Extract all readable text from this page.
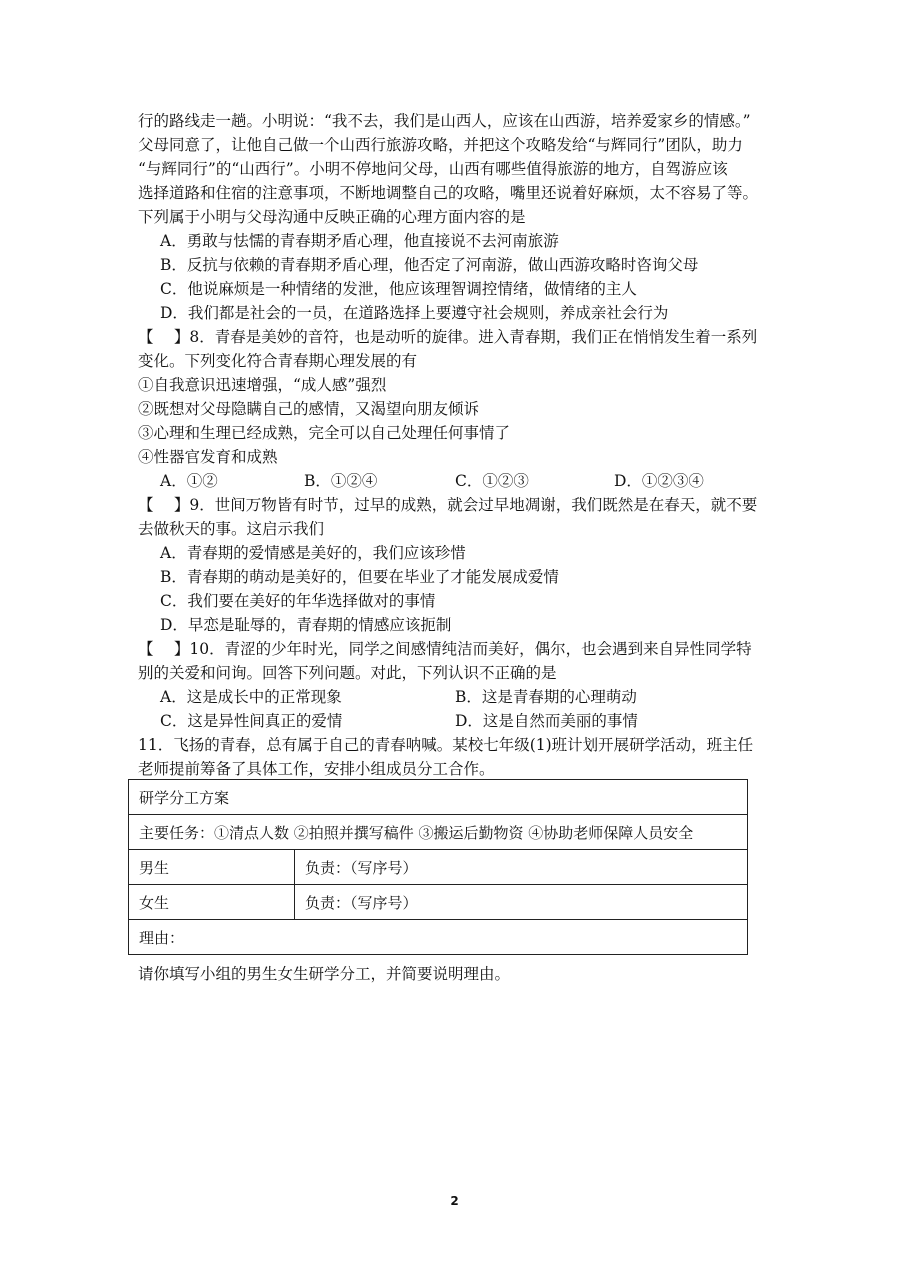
行的路线走一趟。小明说：“我不去，我们是山西人，应该在山西游，培养爱家乡的情感。”
父母同意了，让他自己做一个山西行旅游攻略，并把这个攻略发给“与辉同行”团队，助力
“与辉同行”的“山西行”。小明不停地问父母，山西有哪些值得旅游的地方，自驾游应该
选择道路和住宿的注意事项，不断地调整自己的攻略，嘴里还说着好麻烦，太不容易了等。
下列属于小明与父母沟通中反映正确的心理方面内容的是
A．勇敢与怯懦的青春期矛盾心理，他直接说不去河南旅游
B．反抗与依赖的青春期矛盾心理，他否定了河南游，做山西游攻略时咨询父母
C．他说麻烦是一种情绪的发泄，他应该理智调控情绪，做情绪的主人
D．我们都是社会的一员，在道路选择上要遵守社会规则，养成亲社会行为
【　 】8．青春是美妙的音符，也是动听的旋律。进入青春期，我们正在悄悄发生着一系列
变化。下列变化符合青春期心理发展的有
①自我意识迅速增强，“成人感”强烈
②既想对父母隐瞒自己的感情，又渴望向朋友倾诉
③心理和生理已经成熟，完全可以自己处理任何事情了
④性器官发育和成熟
A．①②	B．①②④	C．①②③	D．①②③④
【　 】9．世间万物皆有时节，过早的成熟，就会过早地凋谢，我们既然是在春天，就不要
去做秋天的事。这启示我们
A．青春期的爱情感是美好的，我们应该珍惜
B．青春期的萌动是美好的，但要在毕业了才能发展成爱情
C．我们要在美好的年华选择做对的事情
D．早恋是耻辱的，青春期的情感应该扼制
【　 】10．青涩的少年时光，同学之间感情纯洁而美好，偶尔，也会遇到来自异性同学特
别的关爱和问询。回答下列问题。对此，下列认识不正确的是
A．这是成长中的正常现象	B．这是青春期的心理萌动
C．这是异性间真正的爱情	D．这是自然而美丽的事情
11．飞扬的青春，总有属于自己的青春呐喊。某校七年级(1)班计划开展研学活动，班主任
老师提前筹备了具体工作，安排小组成员分工合作。
研学分工方案	
主要任务：①清点人数 ②拍照并撰写稿件 ③搬运后勤物资 ④协助老师保障人员安全	
男生	负责：（写序号）
女生	负责：（写序号）
理由：	
请你填写小组的男生女生研学分工，并简要说明理由。
2
